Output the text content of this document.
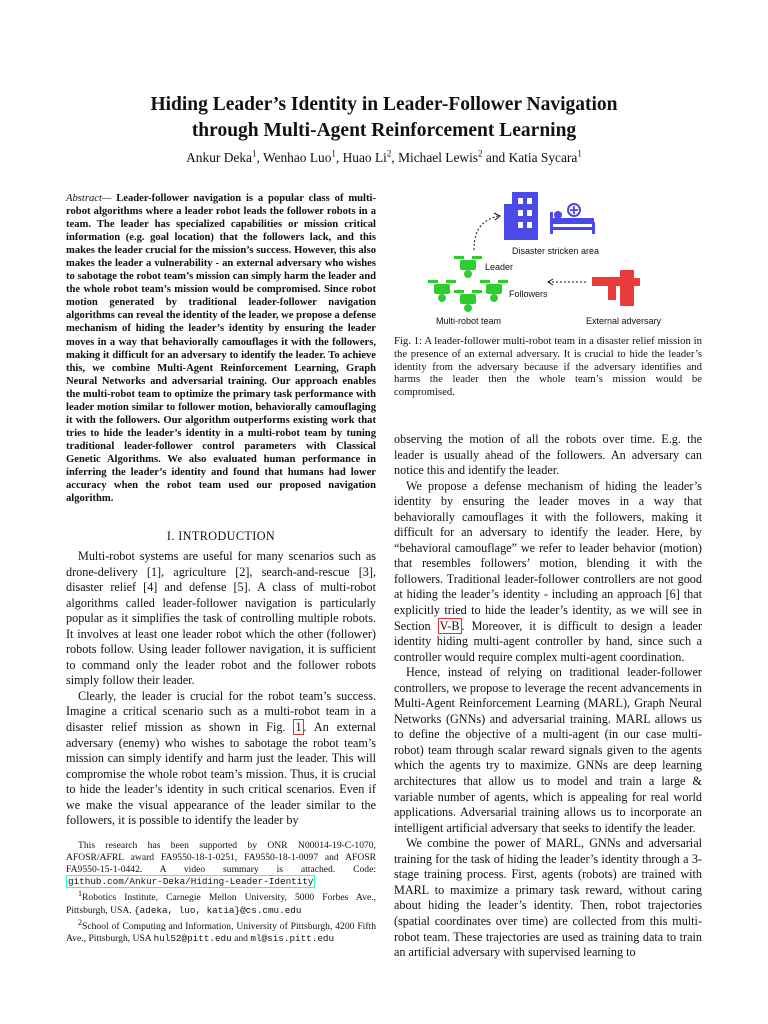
Hiding Leader’s Identity in Leader-Follower Navigation
through Multi-Agent Reinforcement Learning
Ankur Deka$^1$, Wenhao Luo$^1$, Huao Li$^2$, Michael Lewis$^2$ and Katia Sycara$^1$
Abstract— Leader-follower navigation is a popular class of multi-robot algorithms where a leader robot leads the follower robots in a team. The leader has specialized capabilities or mission critical information (e.g. goal location) that the followers lack, and this makes the leader crucial for the mission’s success. However, this also makes the leader a vulnerability - an external adversary who wishes to sabotage the robot team’s mission can simply harm the leader and the whole robot team’s mission would be compromised. Since robot motion generated by traditional leader-follower navigation algorithms can reveal the identity of the leader, we propose a defense mechanism of hiding the leader’s identity by ensuring the leader moves in a way that behaviorally camouflages it with the followers, making it difficult for an adversary to identify the leader. To achieve this, we combine Multi-Agent Reinforcement Learning, Graph Neural Networks and adversarial training. Our approach enables the multi-robot team to optimize the primary task performance with leader motion similar to follower motion, behaviorally camouflaging it with the followers. Our algorithm outperforms existing work that tries to hide the leader’s identity in a multi-robot team by tuning traditional leader-follower control parameters with Classical Genetic Algorithms. We also evaluated human performance in inferring the leader’s identity and found that humans had lower accuracy when the robot team used our proposed navigation algorithm.
I. INTRODUCTION

Multi-robot systems are useful for many scenarios such as drone-delivery [1], agriculture [2], search-and-rescue [3], disaster relief [4] and defense [5]. A class of multi-robot algorithms called leader-follower navigation is particularly popular as it simplifies the task of controlling multiple robots. It involves at least one leader robot which the other (follower) robots follow. Using leader follower navigation, it is sufficient to command only the leader robot and the follower robots simply follow their leader.

Clearly, the leader is crucial for the robot team’s success. Imagine a critical scenario such as a multi-robot team in a disaster relief mission as shown in Fig. 1 . An external adversary (enemy) who wishes to sabotage the robot team’s mission can simply identify and harm just the leader. This will compromise the whole robot team’s mission. Thus, it is crucial to hide the leader’s identity in such critical scenarios. Even if we make the visual appearance of the leader similar to the followers, it is possible to identify the leader by

This research has been supported by ONR N00014-19-C-1070, AFOSR/AFRL award FA9550-18-1-0251, FA9550-18-1-0097 and AFOSR FA9550-15-1-0442. A video summary is attached. Code: github.com/Ankur-Deka/Hiding-Leader-Identity

$^1$Robotics Institute, Carnegie Mellon University, 5000 Forbes Ave., Pittsburgh, USA. {adeka, luo, katia}@cs.cmu.edu

$^2$School of Computing and Information, University of Pittsburgh, 4200 Fifth Ave., Pittsburgh, USA hul52@pitt.edu and ml@sis.pitt.edu

Disaster stricken area
Leader
Followers
Multi-robot team	External adversary
Fig. 1: A leader-follower multi-robot team in a disaster relief mission in the presence of an external adversary. It is crucial to hide the leader’s identity from the adversary because if the adversary identifies and harms the leader then the whole team’s mission would be compromised.

observing the motion of all the robots over time. E.g. the leader is usually ahead of the followers. An adversary can notice this and identify the leader.

We propose a defense mechanism of hiding the leader’s identity by ensuring the leader moves in a way that behaviorally camouflages it with the followers, making it difficult for an adversary to identify the leader. Here, by “behavioral camouflage” we refer to leader behavior (motion) that resembles followers’ motion, blending it with the followers. Traditional leader-follower controllers are not good at hiding the leader’s identity - including an approach [6] that explicitly tried to hide the leader’s identity, as we will see in Section V-B . Moreover, it is difficult to design a leader identity hiding multi-agent controller by hand, since such a controller would require complex multi-agent coordination.

Hence, instead of relying on traditional leader-follower controllers, we propose to leverage the recent advancements in Multi-Agent Reinforcement Learning (MARL), Graph Neural Networks (GNNs) and adversarial training. MARL allows us to define the objective of a multi-agent (in our case multi-robot) team through scalar reward signals given to the agents which the agents try to maximize. GNNs are deep learning architectures that allow us to model and train a large & variable number of agents, which is appealing for real world applications. Adversarial training allows us to incorporate an intelligent artificial adversary that seeks to identify the leader.

We combine the power of MARL, GNNs and adversarial training for the task of hiding the leader’s identity through a 3-stage training process. First, agents (robots) are trained with MARL to maximize a primary task reward, without caring about hiding the leader’s identity. Then, robot trajectories (spatial coordinates over time) are collected from this multi-robot team. These trajectories are used as training data to train an artificial adversary with supervised learning to
